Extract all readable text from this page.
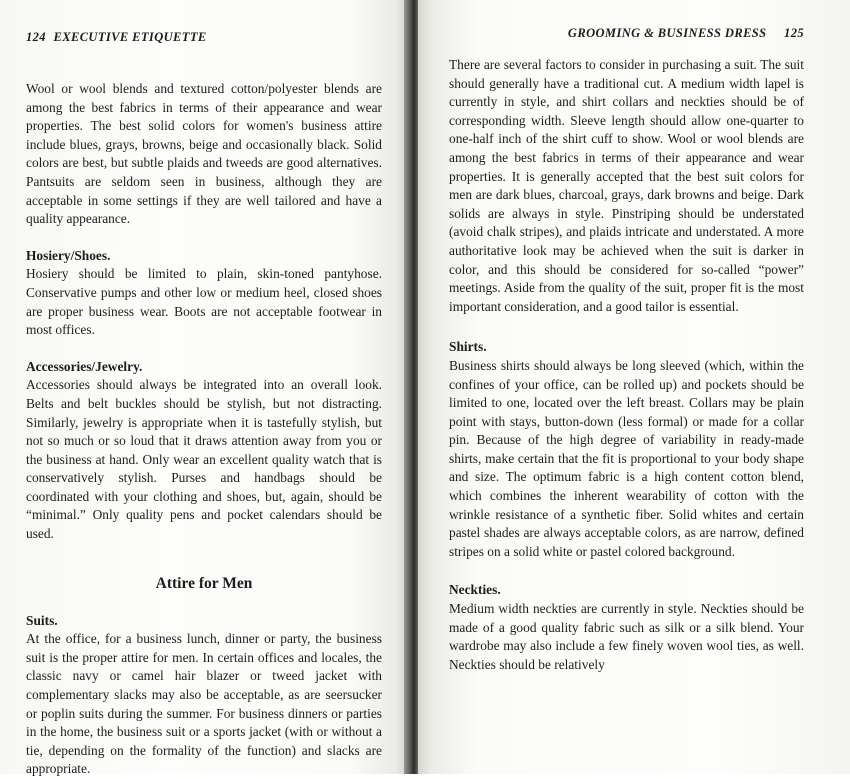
124 EXECUTIVE ETIQUETTE

Wool or wool blends and textured cotton/polyester blends are among the best fabrics in terms of their appearance and wear properties. The best solid colors for women's business attire include blues, grays, browns, beige and occasionally black. Solid colors are best, but subtle plaids and tweeds are good alternatives. Pantsuits are seldom seen in business, although they are acceptable in some settings if they are well tailored and have a quality appearance.

Hosiery/Shoes.

Hosiery should be limited to plain, skin-toned pantyhose. Conservative pumps and other low or medium heel, closed shoes are proper business wear. Boots are not acceptable footwear in most offices.

Accessories/Jewelry.

Accessories should always be integrated into an overall look. Belts and belt buckles should be stylish, but not distracting. Similarly, jewelry is appropriate when it is tastefully stylish, but not so much or so loud that it draws attention away from you or the business at hand. Only wear an excellent quality watch that is conservatively stylish. Purses and handbags should be coordinated with your clothing and shoes, but, again, should be “minimal.” Only quality pens and pocket calendars should be used.

Attire for Men
Suits.

At the office, for a business lunch, dinner or party, the business suit is the proper attire for men. In certain offices and locales, the classic navy or camel hair blazer or tweed jacket with complementary slacks may also be acceptable, as are seersucker or poplin suits during the summer. For business dinners or parties in the home, the business suit or a sports jacket (with or without a tie, depending on the formality of the function) and slacks are appropriate.

GROOMING & BUSINESS DRESS 125

There are several factors to consider in purchasing a suit. The suit should generally have a traditional cut. A medium width lapel is currently in style, and shirt collars and neckties should be of corresponding width. Sleeve length should allow one-quarter to one-half inch of the shirt cuff to show. Wool or wool blends are among the best fabrics in terms of their appearance and wear properties. It is generally accepted that the best suit colors for men are dark blues, charcoal, grays, dark browns and beige. Dark solids are always in style. Pinstriping should be understated (avoid chalk stripes), and plaids intricate and understated. A more authoritative look may be achieved when the suit is darker in color, and this should be considered for so-called “power” meetings. Aside from the quality of the suit, proper fit is the most important consideration, and a good tailor is essential.

Shirts.

Business shirts should always be long sleeved (which, within the confines of your office, can be rolled up) and pockets should be limited to one, located over the left breast. Collars may be plain point with stays, button-down (less formal) or made for a collar pin. Because of the high degree of variability in ready-made shirts, make certain that the fit is proportional to your body shape and size. The optimum fabric is a high content cotton blend, which combines the inherent wearability of cotton with the wrinkle resistance of a synthetic fiber. Solid whites and certain pastel shades are always acceptable colors, as are narrow, defined stripes on a solid white or pastel colored background.

Neckties.

Medium width neckties are currently in style. Neckties should be made of a good quality fabric such as silk or a silk blend. Your wardrobe may also include a few finely woven wool ties, as well. Neckties should be relatively
